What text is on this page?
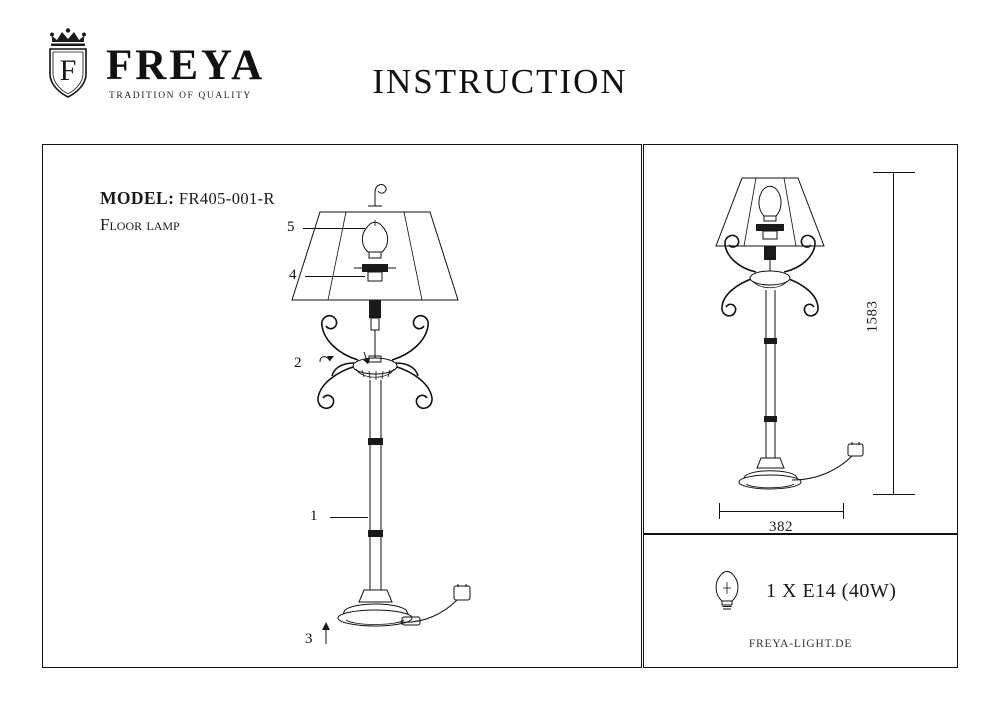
F FREYA
TRADITION OF QUALITY	INSTRUCTION
MODEL: FR405-001-R
Floor lamp
1
2
3
4
5
1583
382
1 X E14 (40W)
FREYA-LIGHT.DE
